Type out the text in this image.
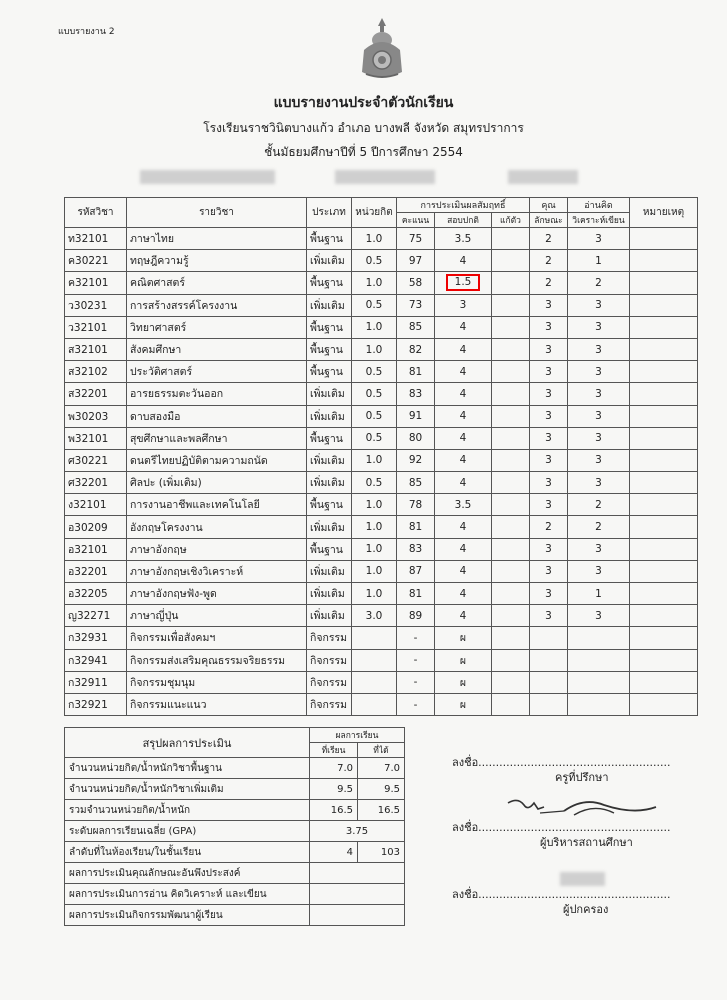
แบบรายงาน 2
แบบรายงานประจำตัวนักเรียน
โรงเรียนราชวินิตบางแก้ว อำเภอ บางพลี จังหวัด สมุทรปราการ
ชั้นมัธยมศึกษาปีที่ 5 ปีการศึกษา 2554
รหัสวิชา	รายวิชา	ประเภท	หน่วยกิต	การประเมินผลสัมฤทธิ์			คุณ	อ่านคิด	หมายเหตุ
				คะแนน	สอบปกติ	แก้ตัว	ลักษณะ	วิเคราะห์เขียน	
ท32101	ภาษาไทย	พื้นฐาน	1.0	75	3.5		2	3	
ค30221	ทฤษฎีความรู้	เพิ่มเติม	0.5	97	4		2	1	
ค32101	คณิตศาสตร์	พื้นฐาน	1.0	58	1.5		2	2	
ว30231	การสร้างสรรค์โครงงาน	เพิ่มเติม	0.5	73	3		3	3	
ว32101	วิทยาศาสตร์	พื้นฐาน	1.0	85	4		3	3	
ส32101	สังคมศึกษา	พื้นฐาน	1.0	82	4		3	3	
ส32102	ประวัติศาสตร์	พื้นฐาน	0.5	81	4		3	3	
ส32201	อารยธรรมตะวันออก	เพิ่มเติม	0.5	83	4		3	3	
พ30203	ดาบสองมือ	เพิ่มเติม	0.5	91	4		3	3	
พ32101	สุขศึกษาและพลศึกษา	พื้นฐาน	0.5	80	4		3	3	
ศ30221	ดนตรีไทยปฏิบัติตามความถนัด	เพิ่มเติม	1.0	92	4		3	3	
ศ32201	ศิลปะ (เพิ่มเติม)	เพิ่มเติม	0.5	85	4		3	3	
ง32101	การงานอาชีพและเทคโนโลยี	พื้นฐาน	1.0	78	3.5		3	2	
อ30209	อังกฤษโครงงาน	เพิ่มเติม	1.0	81	4		2	2	
อ32101	ภาษาอังกฤษ	พื้นฐาน	1.0	83	4		3	3	
อ32201	ภาษาอังกฤษเชิงวิเคราะห์	เพิ่มเติม	1.0	87	4		3	3	
อ32205	ภาษาอังกฤษฟัง-พูด	เพิ่มเติม	1.0	81	4		3	1	
ญ32271	ภาษาญี่ปุ่น	เพิ่มเติม	3.0	89	4		3	3	
ก32931	กิจกรรมเพื่อสังคมฯ	กิจกรรม		-	ผ				
ก32941	กิจกรรมส่งเสริมคุณธรรมจริยธรรม	กิจกรรม		-	ผ				
ก32911	กิจกรรมชุมนุม	กิจกรรม		-	ผ				
ก32921	กิจกรรมแนะแนว	กิจกรรม		-	ผ				
สรุปผลการประเมิน	ผลการเรียน	
	ที่เรียน	ที่ได้
จำนวนหน่วยกิต/น้ำหนักวิชาพื้นฐาน	7.0	7.0
จำนวนหน่วยกิต/น้ำหนักวิชาเพิ่มเติม	9.5	9.5
รวมจำนวนหน่วยกิต/น้ำหนัก	16.5	16.5
ระดับผลการเรียนเฉลี่ย (GPA)	3.75	
ลำดับที่ในห้องเรียน/ในชั้นเรียน	4	103
ผลการประเมินคุณลักษณะอันพึงประสงค์		
ผลการประเมินการอ่าน คิดวิเคราะห์ และเขียน		
ผลการประเมินกิจกรรมพัฒนาผู้เรียน		
ลงชื่อ.......................................................
ครูที่ปรึกษา
ลงชื่อ.......................................................
ผู้บริหารสถานศึกษา
ลงชื่อ.......................................................
ผู้ปกครอง
